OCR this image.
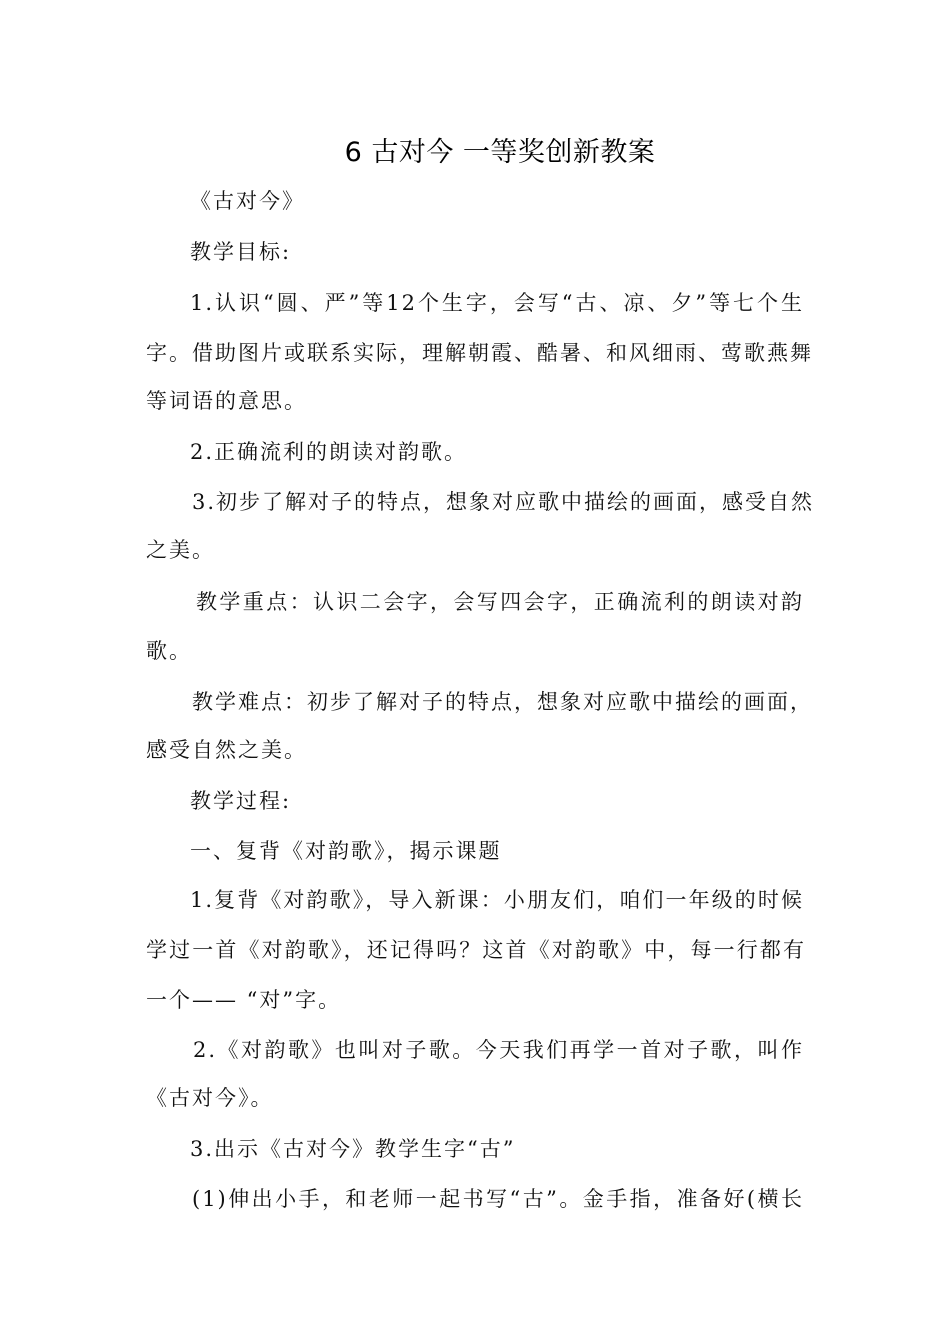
6 古对今 一等奖创新教案
《古对今》
教学目标:
1.认识“圆、严”等12个生字，会写“古、凉、夕”等七个生
字。借助图片或联系实际，理解朝霞、酷暑、和风细雨、莺歌燕舞
等词语的意思。
2.正确流利的朗读对韵歌。
3.初步了解对子的特点，想象对应歌中描绘的画面，感受自然
之美。
教学重点：认识二会字，会写四会字，正确流利的朗读对韵
歌。
教学难点：初步了解对子的特点，想象对应歌中描绘的画面，
感受自然之美。
教学过程:
一、复背《对韵歌》，揭示课题
1.复背《对韵歌》，导入新课：小朋友们，咱们一年级的时候
学过一首《对韵歌》，还记得吗？这首《对韵歌》中，每一行都有
一个—— “对”字。
2.《对韵歌》也叫对子歌。今天我们再学一首对子歌，叫作
《古对今》。
3.出示《古对今》教学生字“古”
(1)伸出小手，和老师一起书写“古”。金手指，准备好(横长
